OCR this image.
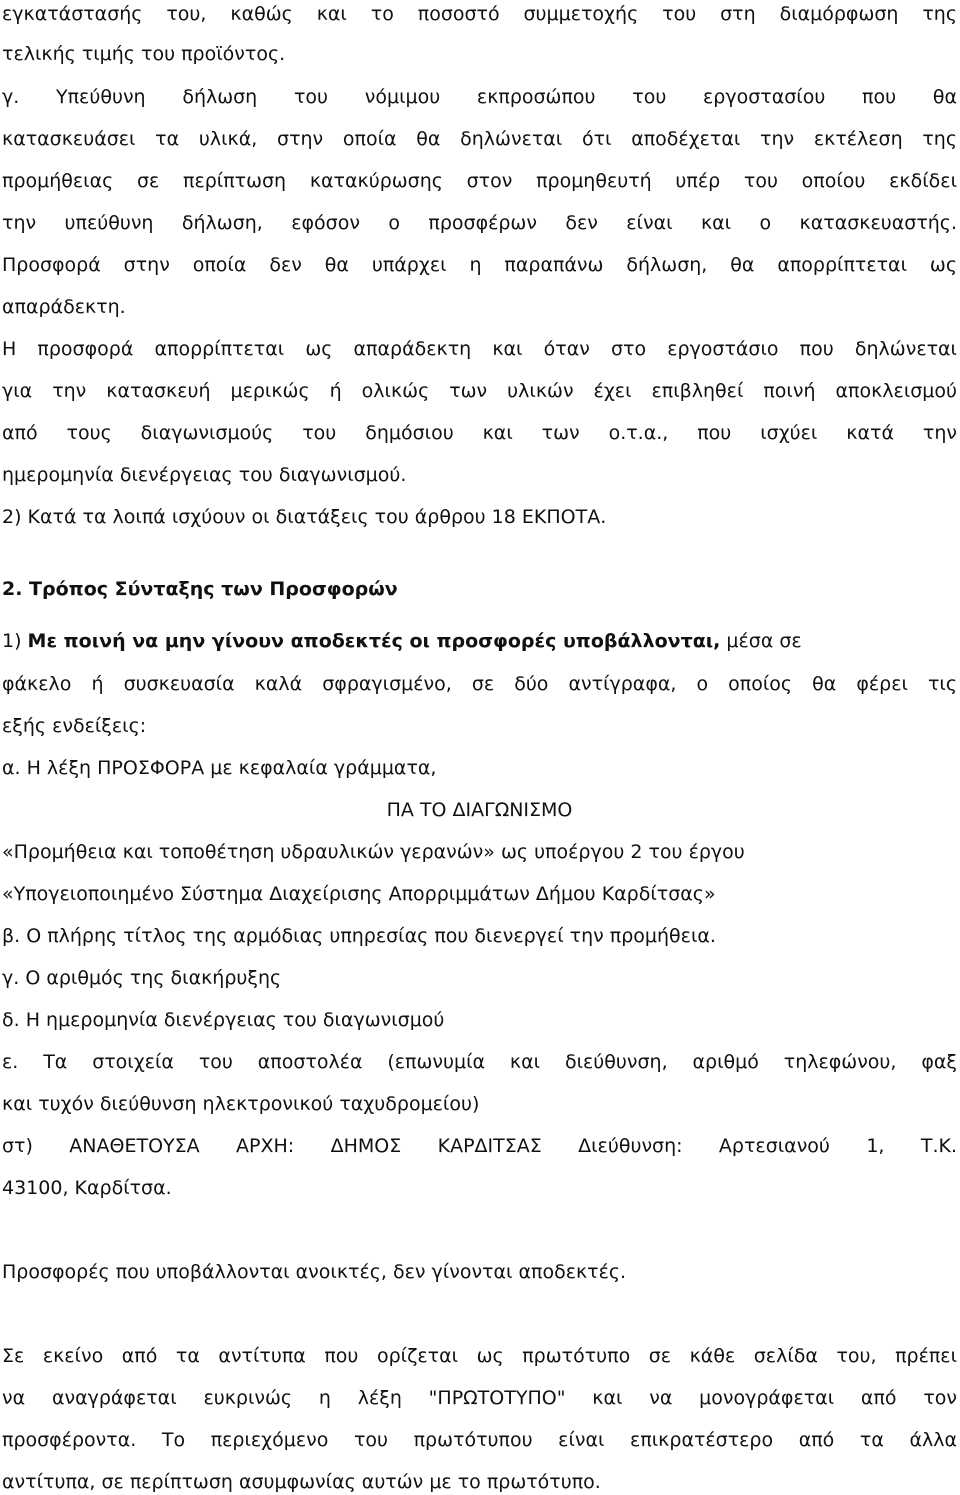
εγκατάστασής του, καθώς και το ποσοστό συμμετοχής του στη διαμόρφωση της
τελικής τιμής του προϊόντος.
γ. Υπεύθυνη δήλωση του νόμιμου εκπροσώπου του εργοστασίου που θα
κατασκευάσει τα υλικά, στην οποία θα δηλώνεται ότι αποδέχεται την εκτέλεση της
προμήθειας σε περίπτωση κατακύρωσης στον προμηθευτή υπέρ του οποίου εκδίδει
την υπεύθυνη δήλωση, εφόσον ο προσφέρων δεν είναι και ο κατασκευαστής.
Προσφορά στην οποία δεν θα υπάρχει η παραπάνω δήλωση, θα απορρίπτεται ως
απαράδεκτη.
Η προσφορά απορρίπτεται ως απαράδεκτη και όταν στο εργοστάσιο που δηλώνεται
για την κατασκευή μερικώς ή ολικώς των υλικών έχει επιβληθεί ποινή αποκλεισμού
από τους διαγωνισμούς του δημόσιου και των ο.τ.α., που ισχύει κατά την
ημερομηνία διενέργειας του διαγωνισμού.
2) Κατά τα λοιπά ισχύουν οι διατάξεις του άρθρου 18 ΕΚΠΟΤΑ.
2. Τρόπος Σύνταξης των Προσφορών
1) Με ποινή να μην γίνουν αποδεκτές οι προσφορές υποβάλλονται, μέσα σε
φάκελο ή συσκευασία καλά σφραγισμένο, σε δύο αντίγραφα, ο οποίος θα φέρει τις
εξής ενδείξεις:
α. Η λέξη ΠΡΟΣΦΟΡΑ με κεφαλαία γράμματα,
ΠΑ ΤΟ ΔΙΑΓΩΝΙΣΜΟ
«Προμήθεια και τοποθέτηση υδραυλικών γερανών» ως υποέργου 2 του έργου
«Υπογειοποιημένο Σύστημα Διαχείρισης Απορριμμάτων Δήμου Καρδίτσας»
β. Ο πλήρης τίτλος της αρμόδιας υπηρεσίας που διενεργεί την προμήθεια.
γ. Ο αριθμός της διακήρυξης
δ. Η ημερομηνία διενέργειας του διαγωνισμού
ε. Τα στοιχεία του αποστολέα (επωνυμία και διεύθυνση, αριθμό τηλεφώνου, φαξ
και τυχόν διεύθυνση ηλεκτρονικού ταχυδρομείου)
στ) ΑΝΑΘΕΤΟΥΣΑ ΑΡΧΗ: ΔΗΜΟΣ ΚΑΡΔΙΤΣΑΣ Διεύθυνση: Αρτεσιανού 1, Τ.Κ.
43100, Καρδίτσα.
Προσφορές που υποβάλλονται ανοικτές, δεν γίνονται αποδεκτές.
Σε εκείνο από τα αντίτυπα που ορίζεται ως πρωτότυπο σε κάθε σελίδα του, πρέπει
να αναγράφεται ευκρινώς η λέξη "ΠΡΩΤΟΤΥΠΟ" και να μονογράφεται από τον
προσφέροντα. Το περιεχόμενο του πρωτότυπου είναι επικρατέστερο από τα άλλα
αντίτυπα, σε περίπτωση ασυμφωνίας αυτών με το πρωτότυπο.
